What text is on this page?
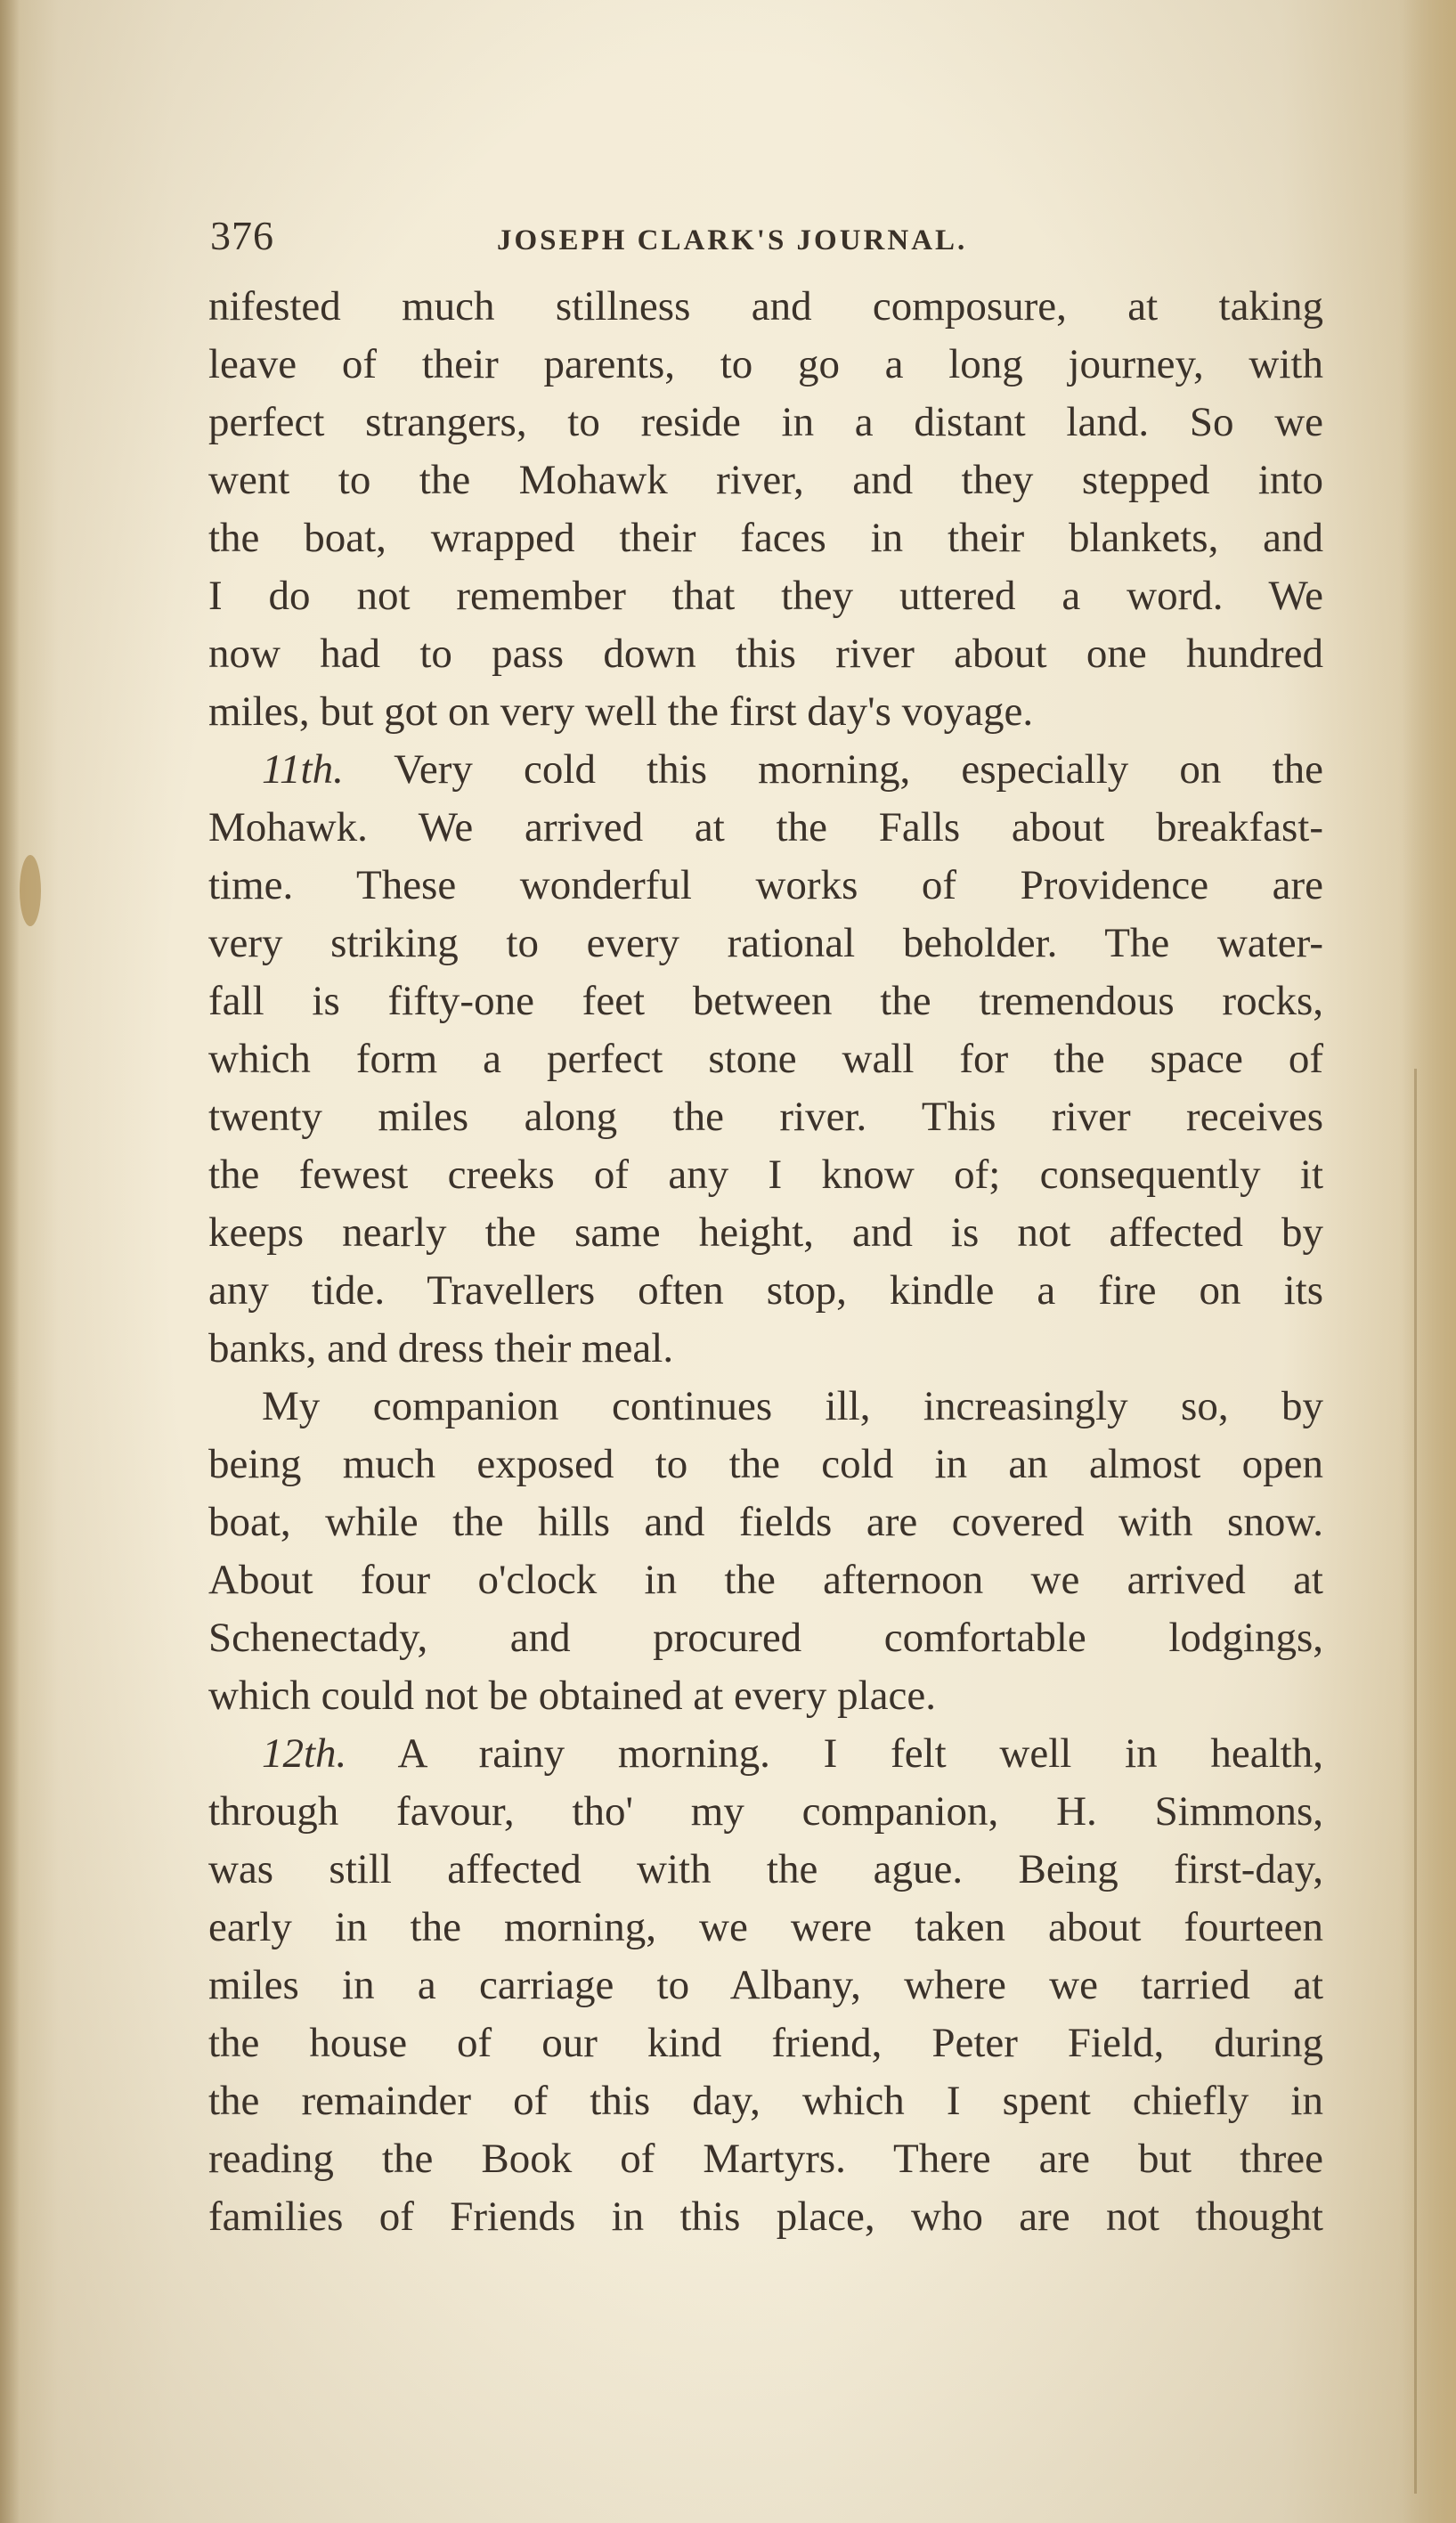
376	JOSEPH CLARK'S JOURNAL.
nifested much stillness and composure, at taking
leave of their parents, to go a long journey, with
perfect strangers, to reside in a distant land. So we
went to the Mohawk river, and they stepped into
the boat, wrapped their faces in their blankets, and
I do not remember that they uttered a word. We
now had to pass down this river about one hundred
miles, but got on very well the first day's voyage.
11th. Very cold this morning, especially on the
Mohawk. We arrived at the Falls about breakfast-
time. These wonderful works of Providence are
very striking to every rational beholder. The water-
fall is fifty-one feet between the tremendous rocks,
which form a perfect stone wall for the space of
twenty miles along the river. This river receives
the fewest creeks of any I know of; consequently it
keeps nearly the same height, and is not affected by
any tide. Travellers often stop, kindle a fire on its
banks, and dress their meal.
My companion continues ill, increasingly so, by
being much exposed to the cold in an almost open
boat, while the hills and fields are covered with snow.
About four o'clock in the afternoon we arrived at
Schenectady, and procured comfortable lodgings,
which could not be obtained at every place.
12th. A rainy morning. I felt well in health,
through favour, tho' my companion, H. Simmons,
was still affected with the ague. Being first-day,
early in the morning, we were taken about fourteen
miles in a carriage to Albany, where we tarried at
the house of our kind friend, Peter Field, during
the remainder of this day, which I spent chiefly in
reading the Book of Martyrs. There are but three
families of Friends in this place, who are not thought
